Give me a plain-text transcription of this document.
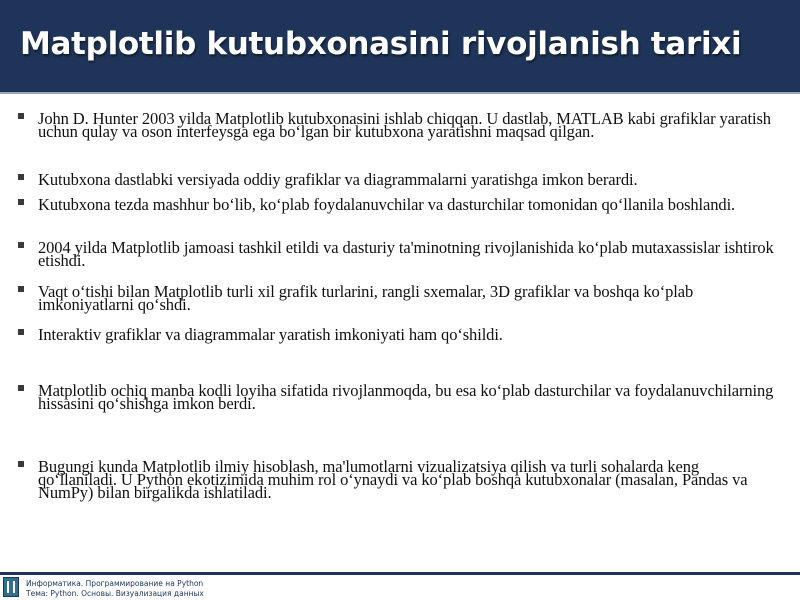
Matplotlib kutubxonasini rivojlanish tarixi
John D. Hunter 2003 yilda Matplotlib kutubxonasini ishlab chiqqan. U dastlab, MATLAB kabi grafiklar yaratish uchun qulay va oson interfeysga ega bo‘lgan bir kutubxona yaratishni maqsad qilgan.
Kutubxona dastlabki versiyada oddiy grafiklar va diagrammalarni yaratishga imkon berardi.
Kutubxona tezda mashhur bo‘lib, ko‘plab foydalanuvchilar va dasturchilar tomonidan qo‘llanila boshlandi.
2004 yilda Matplotlib jamoasi tashkil etildi va dasturiy ta'minotning rivojlanishida ko‘plab mutaxassislar ishtirok etishdi.
Vaqt o‘tishi bilan Matplotlib turli xil grafik turlarini, rangli sxemalar, 3D grafiklar va boshqa ko‘plab imkoniyatlarni qo‘shdi.
Interaktiv grafiklar va diagrammalar yaratish imkoniyati ham qo‘shildi.
Matplotlib ochiq manba kodli loyiha sifatida rivojlanmoqda, bu esa ko‘plab dasturchilar va foydalanuvchilarning hissasini qo‘shishga imkon berdi.
Bugungi kunda Matplotlib ilmiy hisoblash, ma'lumotlarni vizualizatsiya qilish va turli sohalarda keng qo‘llaniladi. U Python ekotizimida muhim rol o‘ynaydi va ko‘plab boshqa kutubxonalar (masalan, Pandas va NumPy) bilan birgalikda ishlatiladi.
Информатика. Программирование на Python
Тема: Python. Основы. Визуализация данных
